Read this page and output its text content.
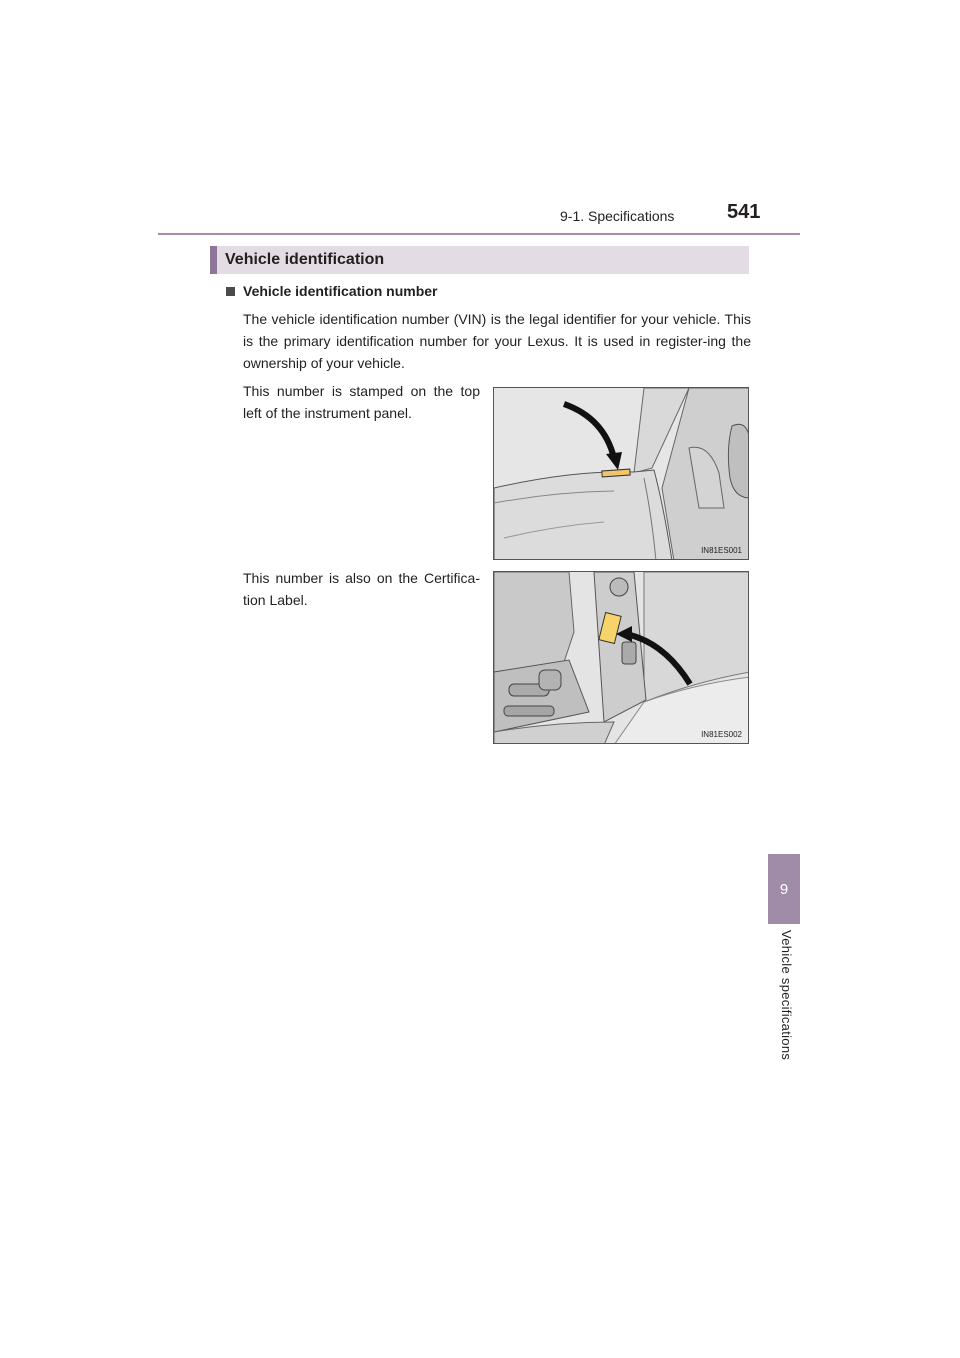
9-1. Specifications	541
9
Vehicle specifications
Vehicle identification
Vehicle identification number
The vehicle identification number (VIN) is the legal identifier for your vehicle. This is the primary identification number for your Lexus. It is used in register-ing the ownership of your vehicle.
This number is stamped on the top left of the instrument panel.
IN81ES001
This number is also on the Certifica-tion Label.
IN81ES002
